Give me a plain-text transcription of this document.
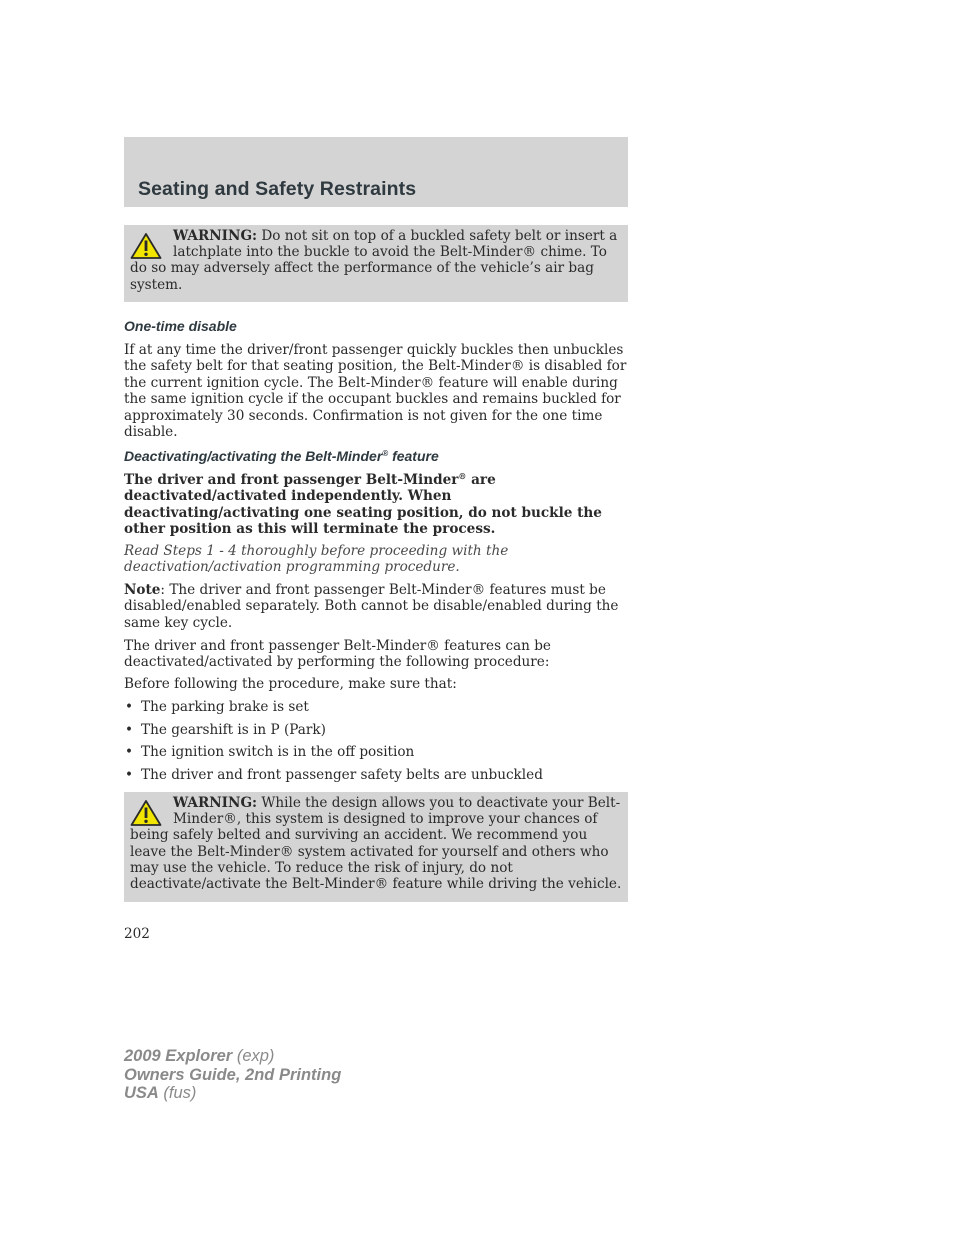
Seating and Safety Restraints
WARNING: Do not sit on top of a buckled safety belt or insert a latchplate into the buckle to avoid the Belt-Minder® chime. To do so may adversely affect the performance of the vehicle’s air bag system.
One-time disable

If at any time the driver/front passenger quickly buckles then unbuckles the safety belt for that seating position, the Belt-Minder® is disabled for the current ignition cycle. The Belt-Minder® feature will enable during the same ignition cycle if the occupant buckles and remains buckled for approximately 30 seconds. Confirmation is not given for the one time disable.

Deactivating/activating the Belt-Minder® feature

The driver and front passenger Belt-Minder® are deactivated/activated independently. When deactivating/activating one seating position, do not buckle the other position as this will terminate the process.

Read Steps 1 - 4 thoroughly before proceeding with the deactivation/activation programming procedure.

Note: The driver and front passenger Belt-Minder® features must be disabled/enabled separately. Both cannot be disable/enabled during the same key cycle.

The driver and front passenger Belt-Minder® features can be deactivated/activated by performing the following procedure:

Before following the procedure, make sure that:

• The parking brake is set
• The gearshift is in P (Park)
• The ignition switch is in the off position
• The driver and front passenger safety belts are unbuckled
WARNING: While the design allows you to deactivate your Belt-Minder®, this system is designed to improve your chances of being safely belted and surviving an accident. We recommend you leave the Belt-Minder® system activated for yourself and others who may use the vehicle. To reduce the risk of injury, do not deactivate/activate the Belt-Minder® feature while driving the vehicle.
202
2009 Explorer (exp)
Owners Guide, 2nd Printing
USA (fus)
